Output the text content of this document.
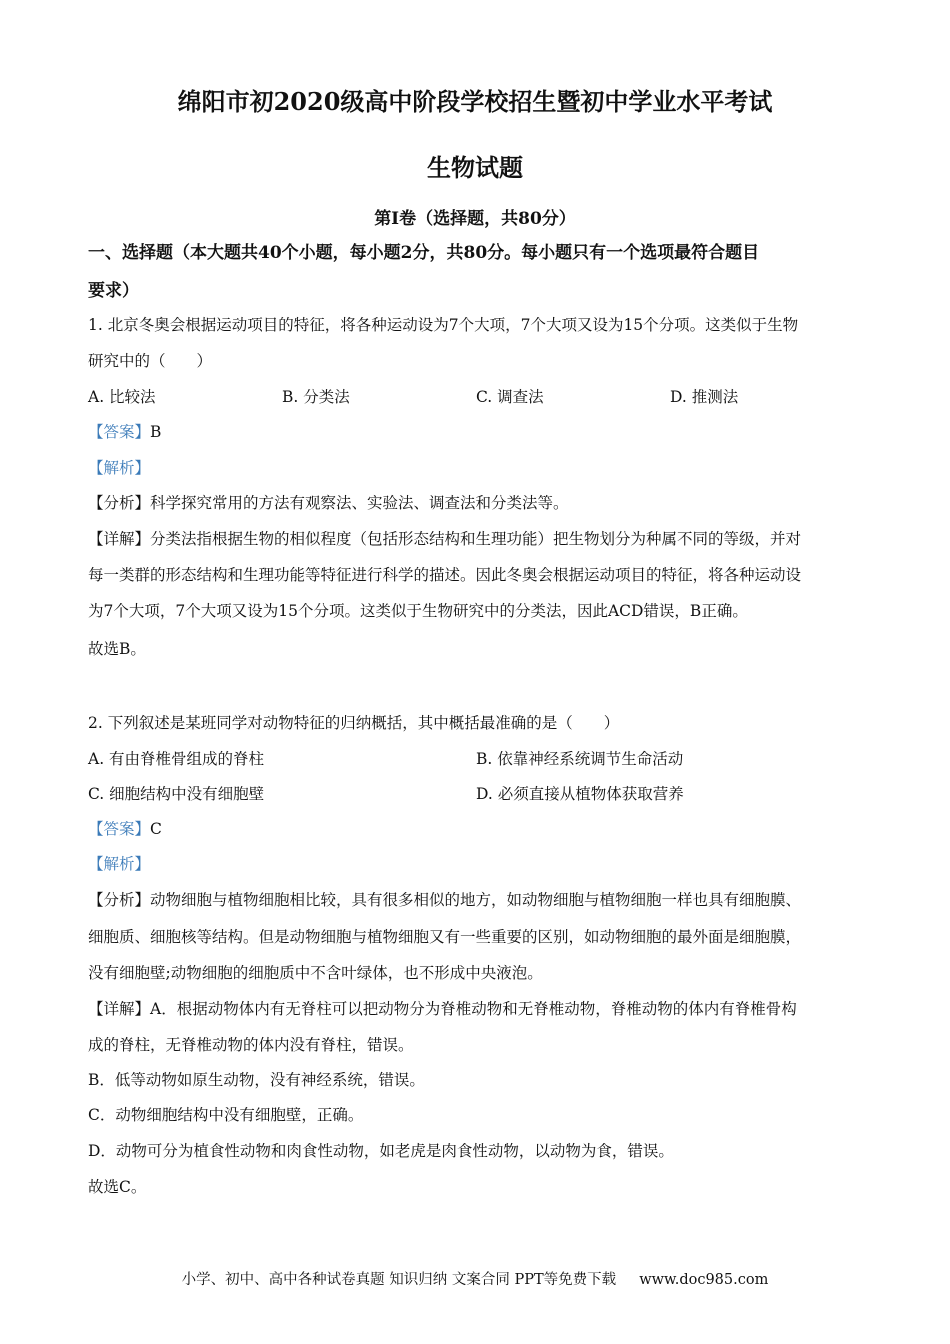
绵阳市初2020级高中阶段学校招生暨初中学业水平考试
生物试题
第I卷（选择题，共80分）
一、选择题（本大题共40个小题，每小题2分，共80分。每小题只有一个选项最符合题目
要求）
1. 北京冬奥会根据运动项目的特征，将各种运动设为7个大项，7个大项又设为15个分项。这类似于生物
研究中的（　　）
A. 比较法	B. 分类法	C. 调查法	D. 推测法
【答案】B
【解析】
【分析】科学探究常用的方法有观察法、实验法、调查法和分类法等。
【详解】分类法指根据生物的相似程度（包括形态结构和生理功能）把生物划分为种属不同的等级，并对
每一类群的形态结构和生理功能等特征进行科学的描述。因此冬奥会根据运动项目的特征，将各种运动设
为7个大项，7个大项又设为15个分项。这类似于生物研究中的分类法，因此ACD错误，B正确。
故选B。
2. 下列叙述是某班同学对动物特征的归纳概括，其中概括最准确的是（　　）
A. 有由脊椎骨组成的脊柱	B. 依靠神经系统调节生命活动
C. 细胞结构中没有细胞壁	D. 必须直接从植物体获取营养
【答案】C
【解析】
【分析】动物细胞与植物细胞相比较，具有很多相似的地方，如动物细胞与植物细胞一样也具有细胞膜、
细胞质、细胞核等结构。但是动物细胞与植物细胞又有一些重要的区别，如动物细胞的最外面是细胞膜，
没有细胞壁;动物细胞的细胞质中不含叶绿体，也不形成中央液泡。
【详解】A．根据动物体内有无脊柱可以把动物分为脊椎动物和无脊椎动物，脊椎动物的体内有脊椎骨构
成的脊柱，无脊椎动物的体内没有脊柱，错误。
B．低等动物如原生动物，没有神经系统，错误。
C．动物细胞结构中没有细胞壁，正确。
D．动物可分为植食性动物和肉食性动物，如老虎是肉食性动物，以动物为食，错误。
故选C。
小学、初中、高中各种试卷真题 知识归纳 文案合同 PPT等免费下载 www.doc985.com
